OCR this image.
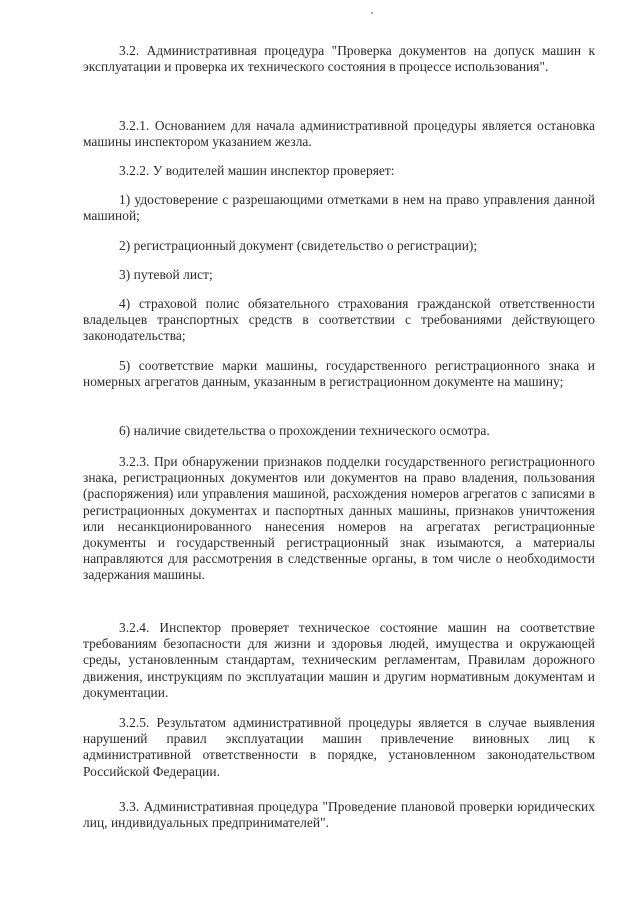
3.2. Административная процедура "Проверка документов на допуск машин к эксплуатации и проверка их технического состояния в процессе использования".

3.2.1. Основанием для начала административной процедуры является остановка машины инспектором указанием жезла.

3.2.2. У водителей машин инспектор проверяет:

1) удостоверение с разрешающими отметками в нем на право управления данной машиной;

2) регистрационный документ (свидетельство о регистрации);

3) путевой лист;

4) страховой полис обязательного страхования гражданской ответственности владельцев транспортных средств в соответствии с требованиями действующего законодательства;

5) соответствие марки машины, государственного регистрационного знака и номерных агрегатов данным, указанным в регистрационном документе на машину;

6) наличие свидетельства о прохождении технического осмотра.

3.2.3. При обнаружении признаков подделки государственного регистрационного знака, регистрационных документов или документов на право владения, пользования (распоряжения) или управления машиной, расхождения номеров агрегатов с записями в регистрационных документах и паспортных данных машины, признаков уничтожения или несанкционированного нанесения номеров на агрегатах регистрационные документы и государственный регистрационный знак изымаются, а материалы направляются для рассмотрения в следственные органы, в том числе о необходимости задержания машины.

3.2.4. Инспектор проверяет техническое состояние машин на соответствие требованиям безопасности для жизни и здоровья людей, имущества и окружающей среды, установленным стандартам, техническим регламентам, Правилам дорожного движения, инструкциям по эксплуатации машин и другим нормативным документам и документации.

3.2.5. Результатом административной процедуры является в случае выявления нарушений правил эксплуатации машин привлечение виновных лиц к административной ответственности в порядке, установленном законодательством Российской Федерации.

3.3. Административная процедура "Проведение плановой проверки юридических лиц, индивидуальных предпринимателей".
